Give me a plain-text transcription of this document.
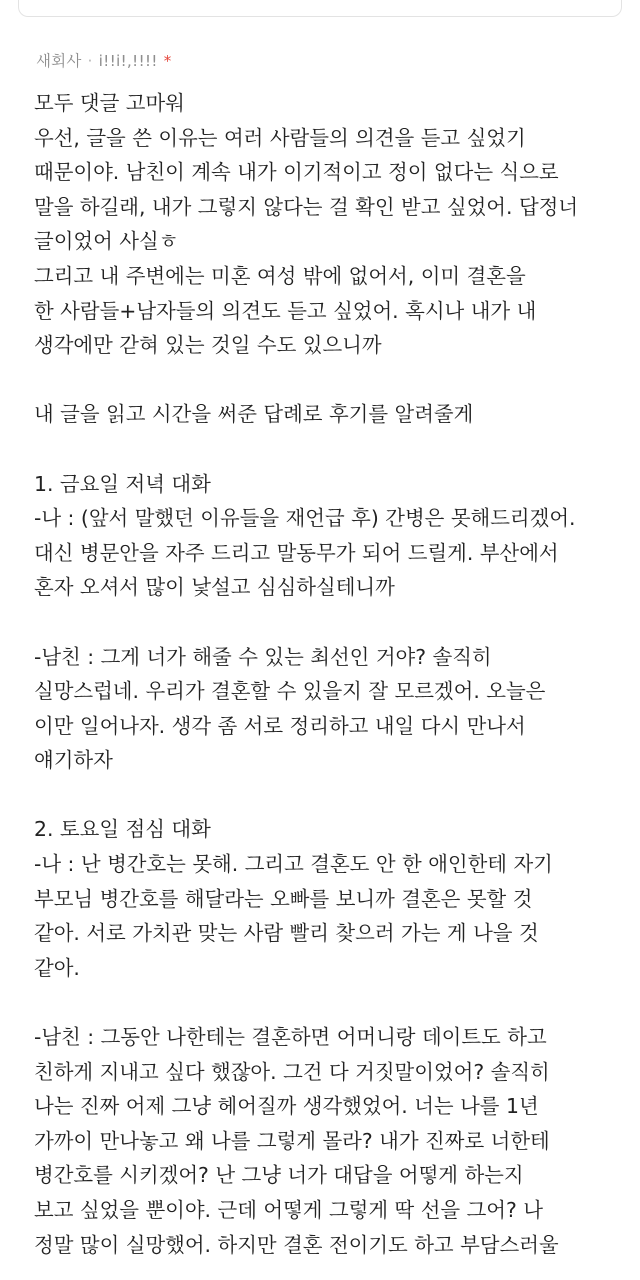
새회사 · i!!i!,!!!! *
모두 댓글 고마워
우선, 글을 쓴 이유는 여러 사람들의 의견을 듣고 싶었기
때문이야. 남친이 계속 내가 이기적이고 정이 없다는 식으로
말을 하길래, 내가 그렇지 않다는 걸 확인 받고 싶었어. 답정너
글이었어 사실ㅎ
그리고 내 주변에는 미혼 여성 밖에 없어서, 이미 결혼을
한 사람들+남자들의 의견도 듣고 싶었어. 혹시나 내가 내
생각에만 갇혀 있는 것일 수도 있으니까
내 글을 읽고 시간을 써준 답례로 후기를 알려줄게
1. 금요일 저녁 대화
-나 : (앞서 말했던 이유들을 재언급 후) 간병은 못해드리겠어.
대신 병문안을 자주 드리고 말동무가 되어 드릴게. 부산에서
혼자 오셔서 많이 낯설고 심심하실테니까
-남친 : 그게 너가 해줄 수 있는 최선인 거야? 솔직히
실망스럽네. 우리가 결혼할 수 있을지 잘 모르겠어. 오늘은
이만 일어나자. 생각 좀 서로 정리하고 내일 다시 만나서
얘기하자
2. 토요일 점심 대화
-나 : 난 병간호는 못해. 그리고 결혼도 안 한 애인한테 자기
부모님 병간호를 해달라는 오빠를 보니까 결혼은 못할 것
같아. 서로 가치관 맞는 사람 빨리 찾으러 가는 게 나을 것
같아.
-남친 : 그동안 나한테는 결혼하면 어머니랑 데이트도 하고
친하게 지내고 싶다 했잖아. 그건 다 거짓말이었어? 솔직히
나는 진짜 어제 그냥 헤어질까 생각했었어. 너는 나를 1년
가까이 만나놓고 왜 나를 그렇게 몰라? 내가 진짜로 너한테
병간호를 시키겠어? 난 그냥 너가 대답을 어떻게 하는지
보고 싶었을 뿐이야. 근데 어떻게 그렇게 딱 선을 그어? 나
정말 많이 실망했어. 하지만 결혼 전이기도 하고 부담스러울
